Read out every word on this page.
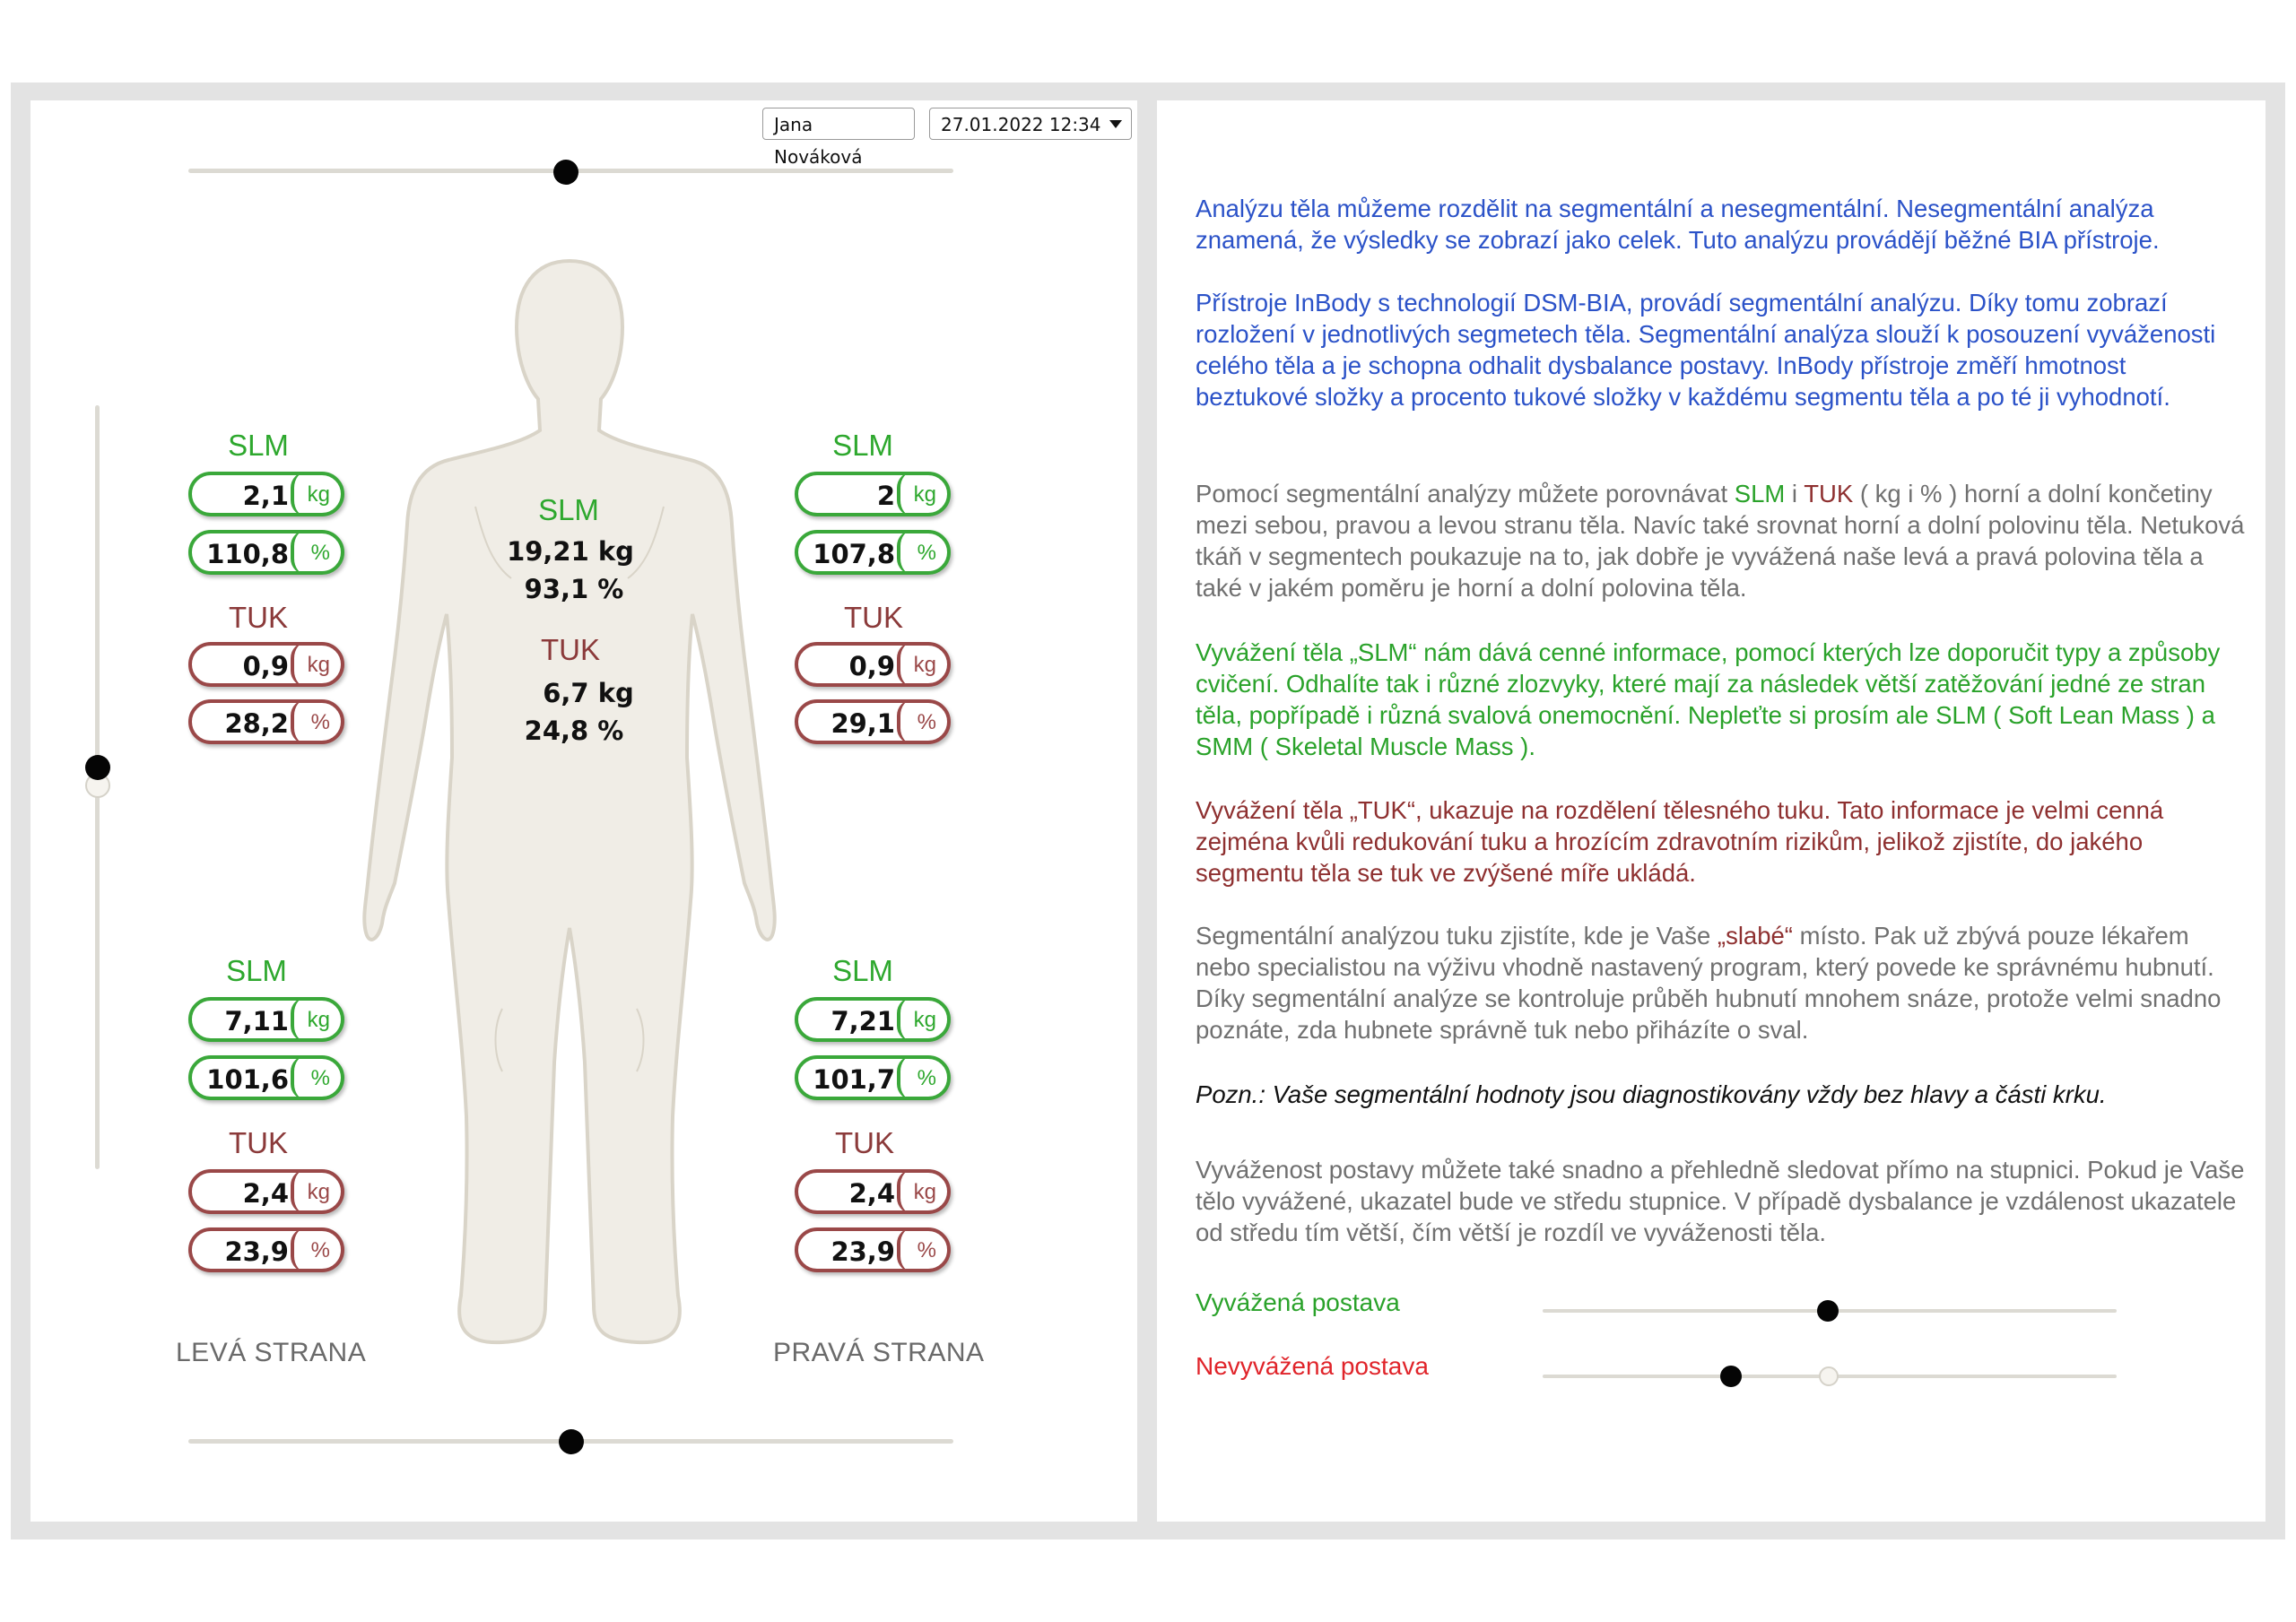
Jana Nováková
27.01.2022 12:34
SLM
2,1 kg
110,8 %
TUK
0,9 kg
28,2 %
SLM
2 kg
107,8 %
TUK
0,9 kg
29,1 %
SLM
19,21 kg
93,1 %
TUK
6,7 kg
24,8 %
SLM
7,11 kg
101,6 %
TUK
2,4 kg
23,9 %
SLM
7,21 kg
101,7 %
TUK
2,4 kg
23,9 %
LEVÁ STRANA	PRAVÁ STRANA

Analýzu těla můžeme rozdělit na segmentální a nesegmentální. Nesegmentální analýza znamená, že výsledky se zobrazí jako celek. Tuto analýzu provádějí běžné BIA přístroje.

Přístroje InBody s technologií DSM-BIA, provádí segmentální analýzu. Díky tomu zobrazí rozložení v jednotlivých segmetech těla. Segmentální analýza slouží k posouzení vyváženosti celého těla a je schopna odhalit dysbalance postavy. InBody přístroje změří hmotnost beztukové složky a procento tukové složky v každému segmentu těla a po té ji vyhodnotí.

Pomocí segmentální analýzy můžete porovnávat SLM i TUK ( kg i % ) horní a dolní končetiny mezi sebou, pravou a levou stranu těla. Navíc také srovnat horní a dolní polovinu těla. Netuková tkáň v segmentech poukazuje na to, jak dobře je vyvážená naše levá a pravá polovina těla a také v jakém poměru je horní a dolní polovina těla.

Vyvážení těla „SLM“ nám dává cenné informace, pomocí kterých lze doporučit typy a způsoby cvičení. Odhalíte tak i různé zlozvyky, které mají za následek větší zatěžování jedné ze stran těla, popřípadě i různá svalová onemocnění. Nepleťte si prosím ale SLM ( Soft Lean Mass ) a SMM ( Skeletal Muscle Mass ).

Vyvážení těla „TUK“, ukazuje na rozdělení tělesného tuku. Tato informace je velmi cenná zejména kvůli redukování tuku a hrozícím zdravotním rizikům, jelikož zjistíte, do jakého segmentu těla se tuk ve zvýšené míře ukládá.

Segmentální analýzou tuku zjistíte, kde je Vaše „slabé“ místo. Pak už zbývá pouze lékařem nebo specialistou na výživu vhodně nastavený program, který povede ke správnému hubnutí. Díky segmentální analýze se kontroluje průběh hubnutí mnohem snáze, protože velmi snadno poznáte, zda hubnete správně tuk nebo přiházíte o sval.

Pozn.: Vaše segmentální hodnoty jsou diagnostikovány vždy bez hlavy a části krku.

Vyváženost postavy můžete také snadno a přehledně sledovat přímo na stupnici. Pokud je Vaše tělo vyvážené, ukazatel bude ve středu stupnice. V případě dysbalance je vzdálenost ukazatele od středu tím větší, čím větší je rozdíl ve vyváženosti těla.

Vyvážená postava
Nevyvážená postava
